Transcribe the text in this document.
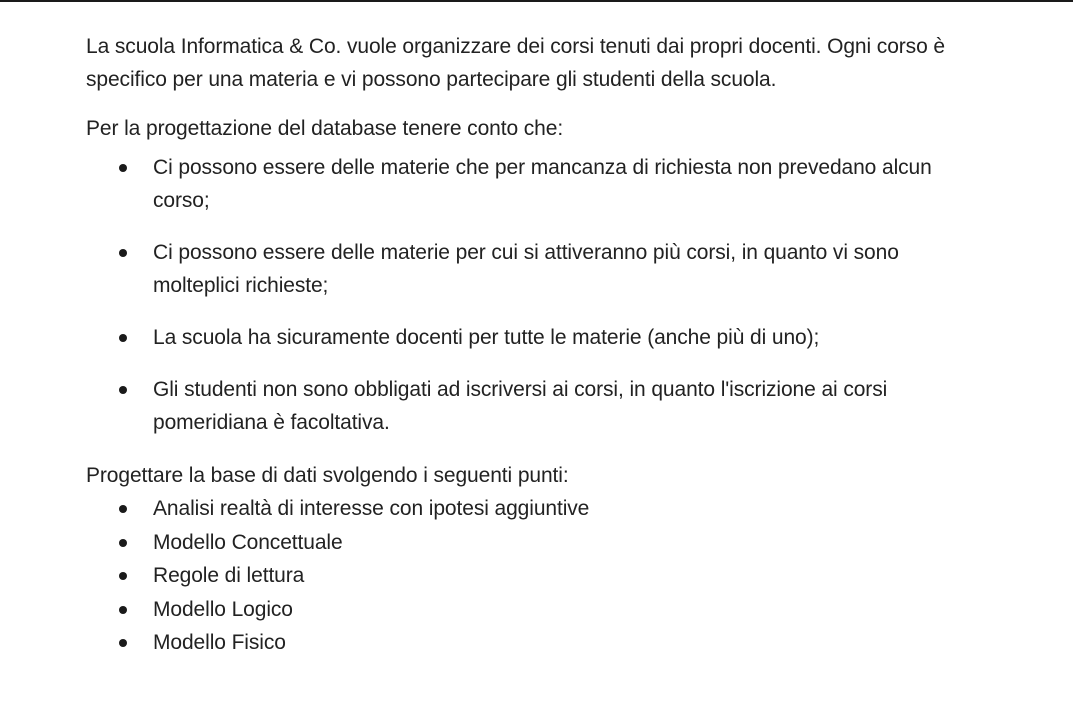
La scuola Informatica & Co. vuole organizzare dei corsi tenuti dai propri docenti. Ogni corso è specifico per una materia e vi possono partecipare gli studenti della scuola.

Per la progettazione del database tenere conto che:

Ci possono essere delle materie che per mancanza di richiesta non prevedano alcun corso;
Ci possono essere delle materie per cui si attiveranno più corsi, in quanto vi sono molteplici richieste;
La scuola ha sicuramente docenti per tutte le materie (anche più di uno);
Gli studenti non sono obbligati ad iscriversi ai corsi, in quanto l'iscrizione ai corsi pomeridiana è facoltativa.

Progettare la base di dati svolgendo i seguenti punti:

Analisi realtà di interesse con ipotesi aggiuntive
Modello Concettuale
Regole di lettura
Modello Logico
Modello Fisico
